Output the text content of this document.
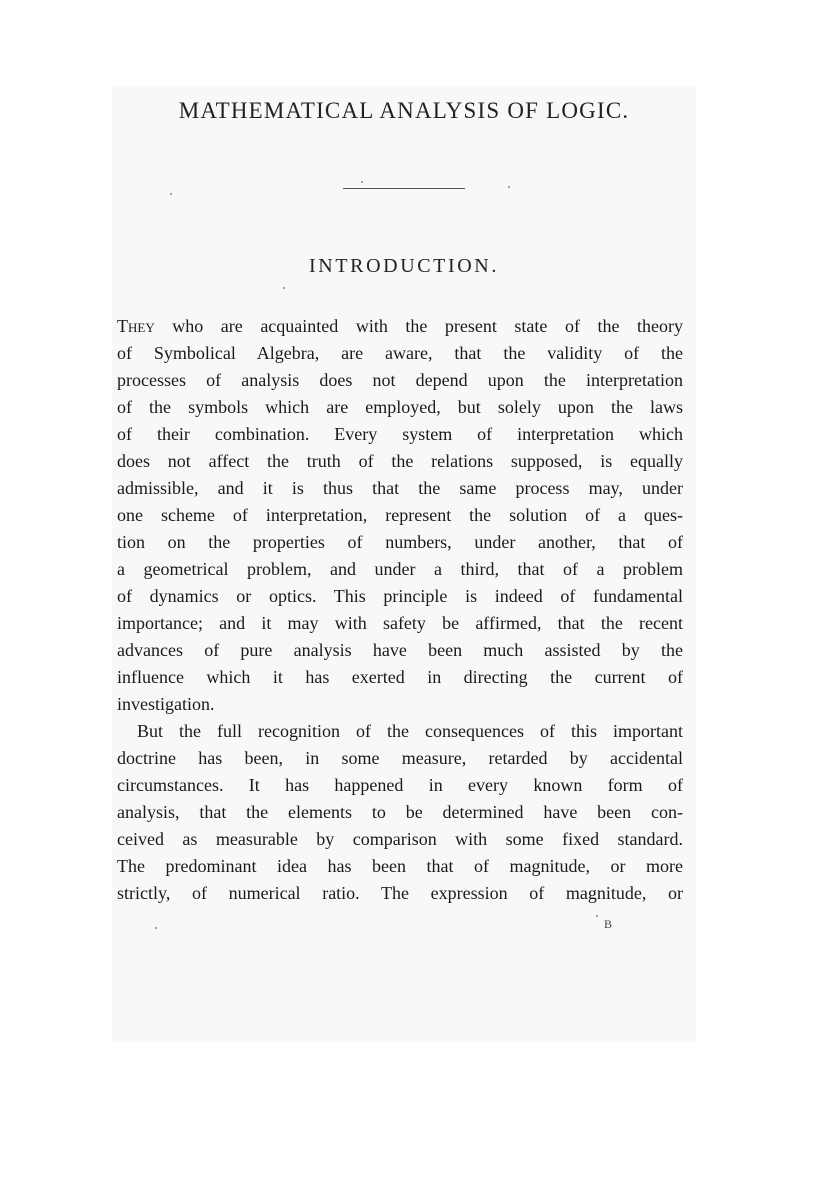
MATHEMATICAL ANALYSIS OF LOGIC.
INTRODUCTION.
They who are acquainted with the present state of the theory
of Symbolical Algebra, are aware, that the validity of the
processes of analysis does not depend upon the interpretation
of the symbols which are employed, but solely upon the laws
of their combination. Every system of interpretation which
does not affect the truth of the relations supposed, is equally
admissible, and it is thus that the same process may, under
one scheme of interpretation, represent the solution of a ques-
tion on the properties of numbers, under another, that of
a geometrical problem, and under a third, that of a problem
of dynamics or optics. This principle is indeed of fundamental
importance; and it may with safety be affirmed, that the recent
advances of pure analysis have been much assisted by the
influence which it has exerted in directing the current of
investigation.
But the full recognition of the consequences of this important
doctrine has been, in some measure, retarded by accidental
circumstances. It has happened in every known form of
analysis, that the elements to be determined have been con-
ceived as measurable by comparison with some fixed standard.
The predominant idea has been that of magnitude, or more
strictly, of numerical ratio. The expression of magnitude, or
B
